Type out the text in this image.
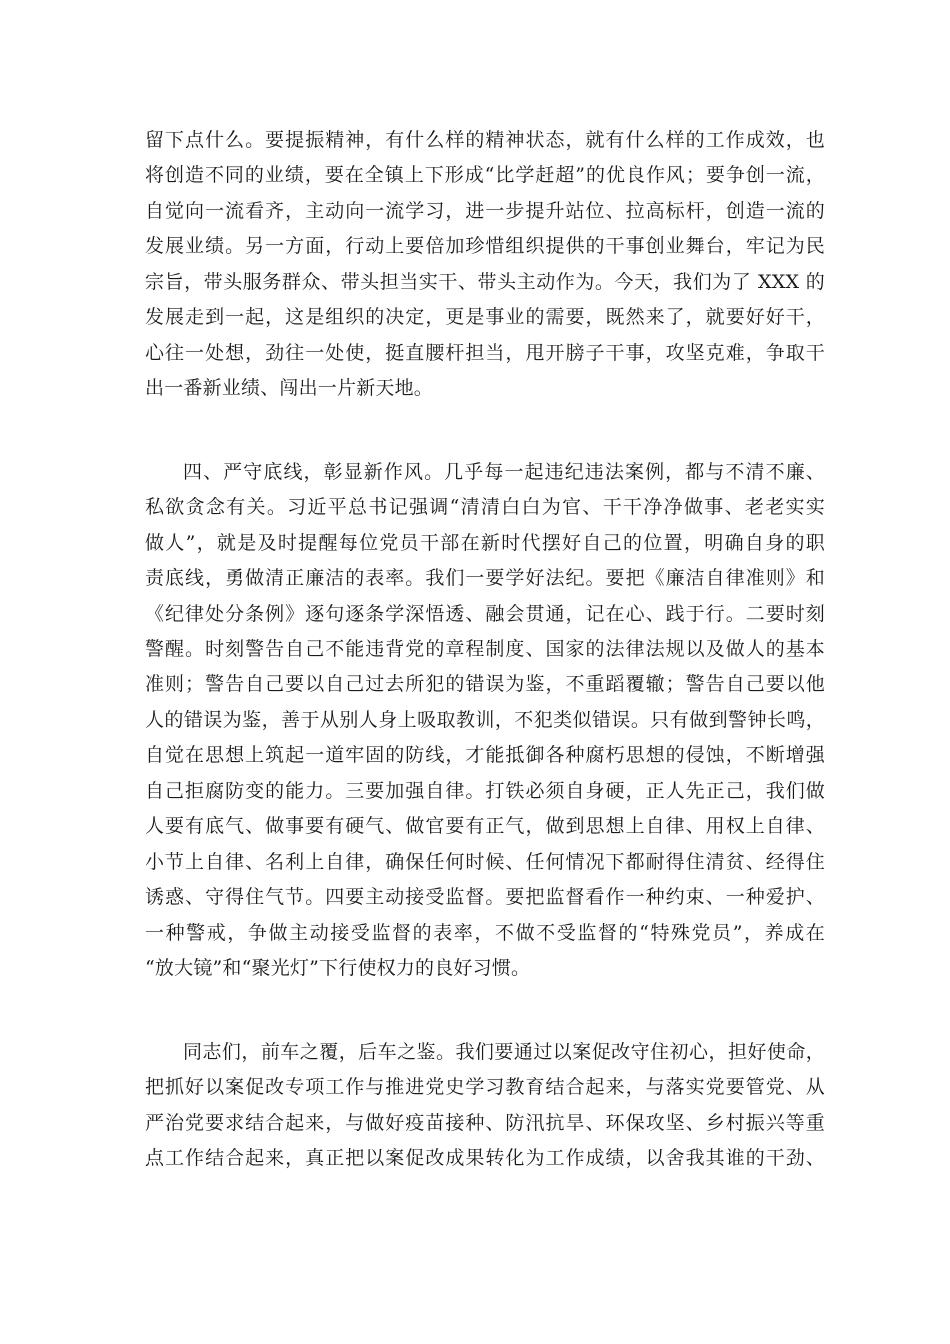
留下点什么。要提振精神，有什么样的精神状态，就有什么样的工作成效，也
将创造不同的业绩，要在全镇上下形成“比学赶超”的优良作风；要争创一流，
自觉向一流看齐，主动向一流学习，进一步提升站位、拉高标杆，创造一流的
发展业绩。另一方面，行动上要倍加珍惜组织提供的干事创业舞台，牢记为民
宗旨，带头服务群众、带头担当实干、带头主动作为。今天，我们为了 XXX 的
发展走到一起，这是组织的决定，更是事业的需要，既然来了，就要好好干，
心往一处想，劲往一处使，挺直腰杆担当，甩开膀子干事，攻坚克难，争取干
出一番新业绩、闯出一片新天地。
四、严守底线，彰显新作风。几乎每一起违纪违法案例，都与不清不廉、
私欲贪念有关。习近平总书记强调“清清白白为官、干干净净做事、老老实实
做人”，就是及时提醒每位党员干部在新时代摆好自己的位置，明确自身的职
责底线，勇做清正廉洁的表率。我们一要学好法纪。要把《廉洁自律准则》和
《纪律处分条例》逐句逐条学深悟透、融会贯通，记在心、践于行。二要时刻
警醒。时刻警告自己不能违背党的章程制度、国家的法律法规以及做人的基本
准则；警告自己要以自己过去所犯的错误为鉴，不重蹈覆辙；警告自己要以他
人的错误为鉴，善于从别人身上吸取教训，不犯类似错误。只有做到警钟长鸣，
自觉在思想上筑起一道牢固的防线，才能抵御各种腐朽思想的侵蚀，不断增强
自己拒腐防变的能力。三要加强自律。打铁必须自身硬，正人先正己，我们做
人要有底气、做事要有硬气、做官要有正气，做到思想上自律、用权上自律、
小节上自律、名利上自律，确保任何时候、任何情况下都耐得住清贫、经得住
诱惑、守得住气节。四要主动接受监督。要把监督看作一种约束、一种爱护、
一种警戒，争做主动接受监督的表率，不做不受监督的“特殊党员”，养成在
“放大镜”和“聚光灯”下行使权力的良好习惯。
同志们，前车之覆，后车之鉴。我们要通过以案促改守住初心，担好使命，
把抓好以案促改专项工作与推进党史学习教育结合起来，与落实党要管党、从
严治党要求结合起来，与做好疫苗接种、防汛抗旱、环保攻坚、乡村振兴等重
点工作结合起来，真正把以案促改成果转化为工作成绩，以舍我其谁的干劲、
